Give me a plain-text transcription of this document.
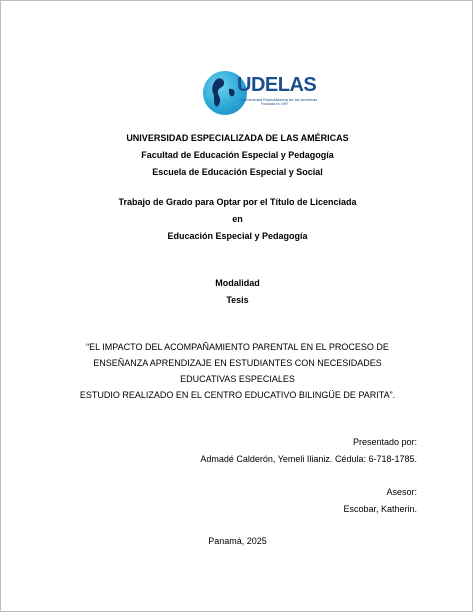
UDELAS
Universidad Especializada de las Américas
Fundada en 1997
UNIVERSIDAD ESPECIALIZADA DE LAS AMÉRICAS
Facultad de Educación Especial y Pedagogía
Escuela de Educación Especial y Social
Trabajo de Grado para Optar por el Título de Licenciada
en
Educación Especial y Pedagogía
Modalidad
Tesis
“EL IMPACTO DEL ACOMPAÑAMIENTO PARENTAL EN EL PROCESO DE
ENSEÑANZA APRENDIZAJE EN ESTUDIANTES CON NECESIDADES
EDUCATIVAS ESPECIALES
ESTUDIO REALIZADO EN EL CENTRO EDUCATIVO BILINGÜE DE PARITA”.
Presentado por:
Admadé Calderón, Yemeli Ilianiz. Cédula: 6-718-1785.
Asesor:
Escobar, Katherin.
Panamá, 2025
